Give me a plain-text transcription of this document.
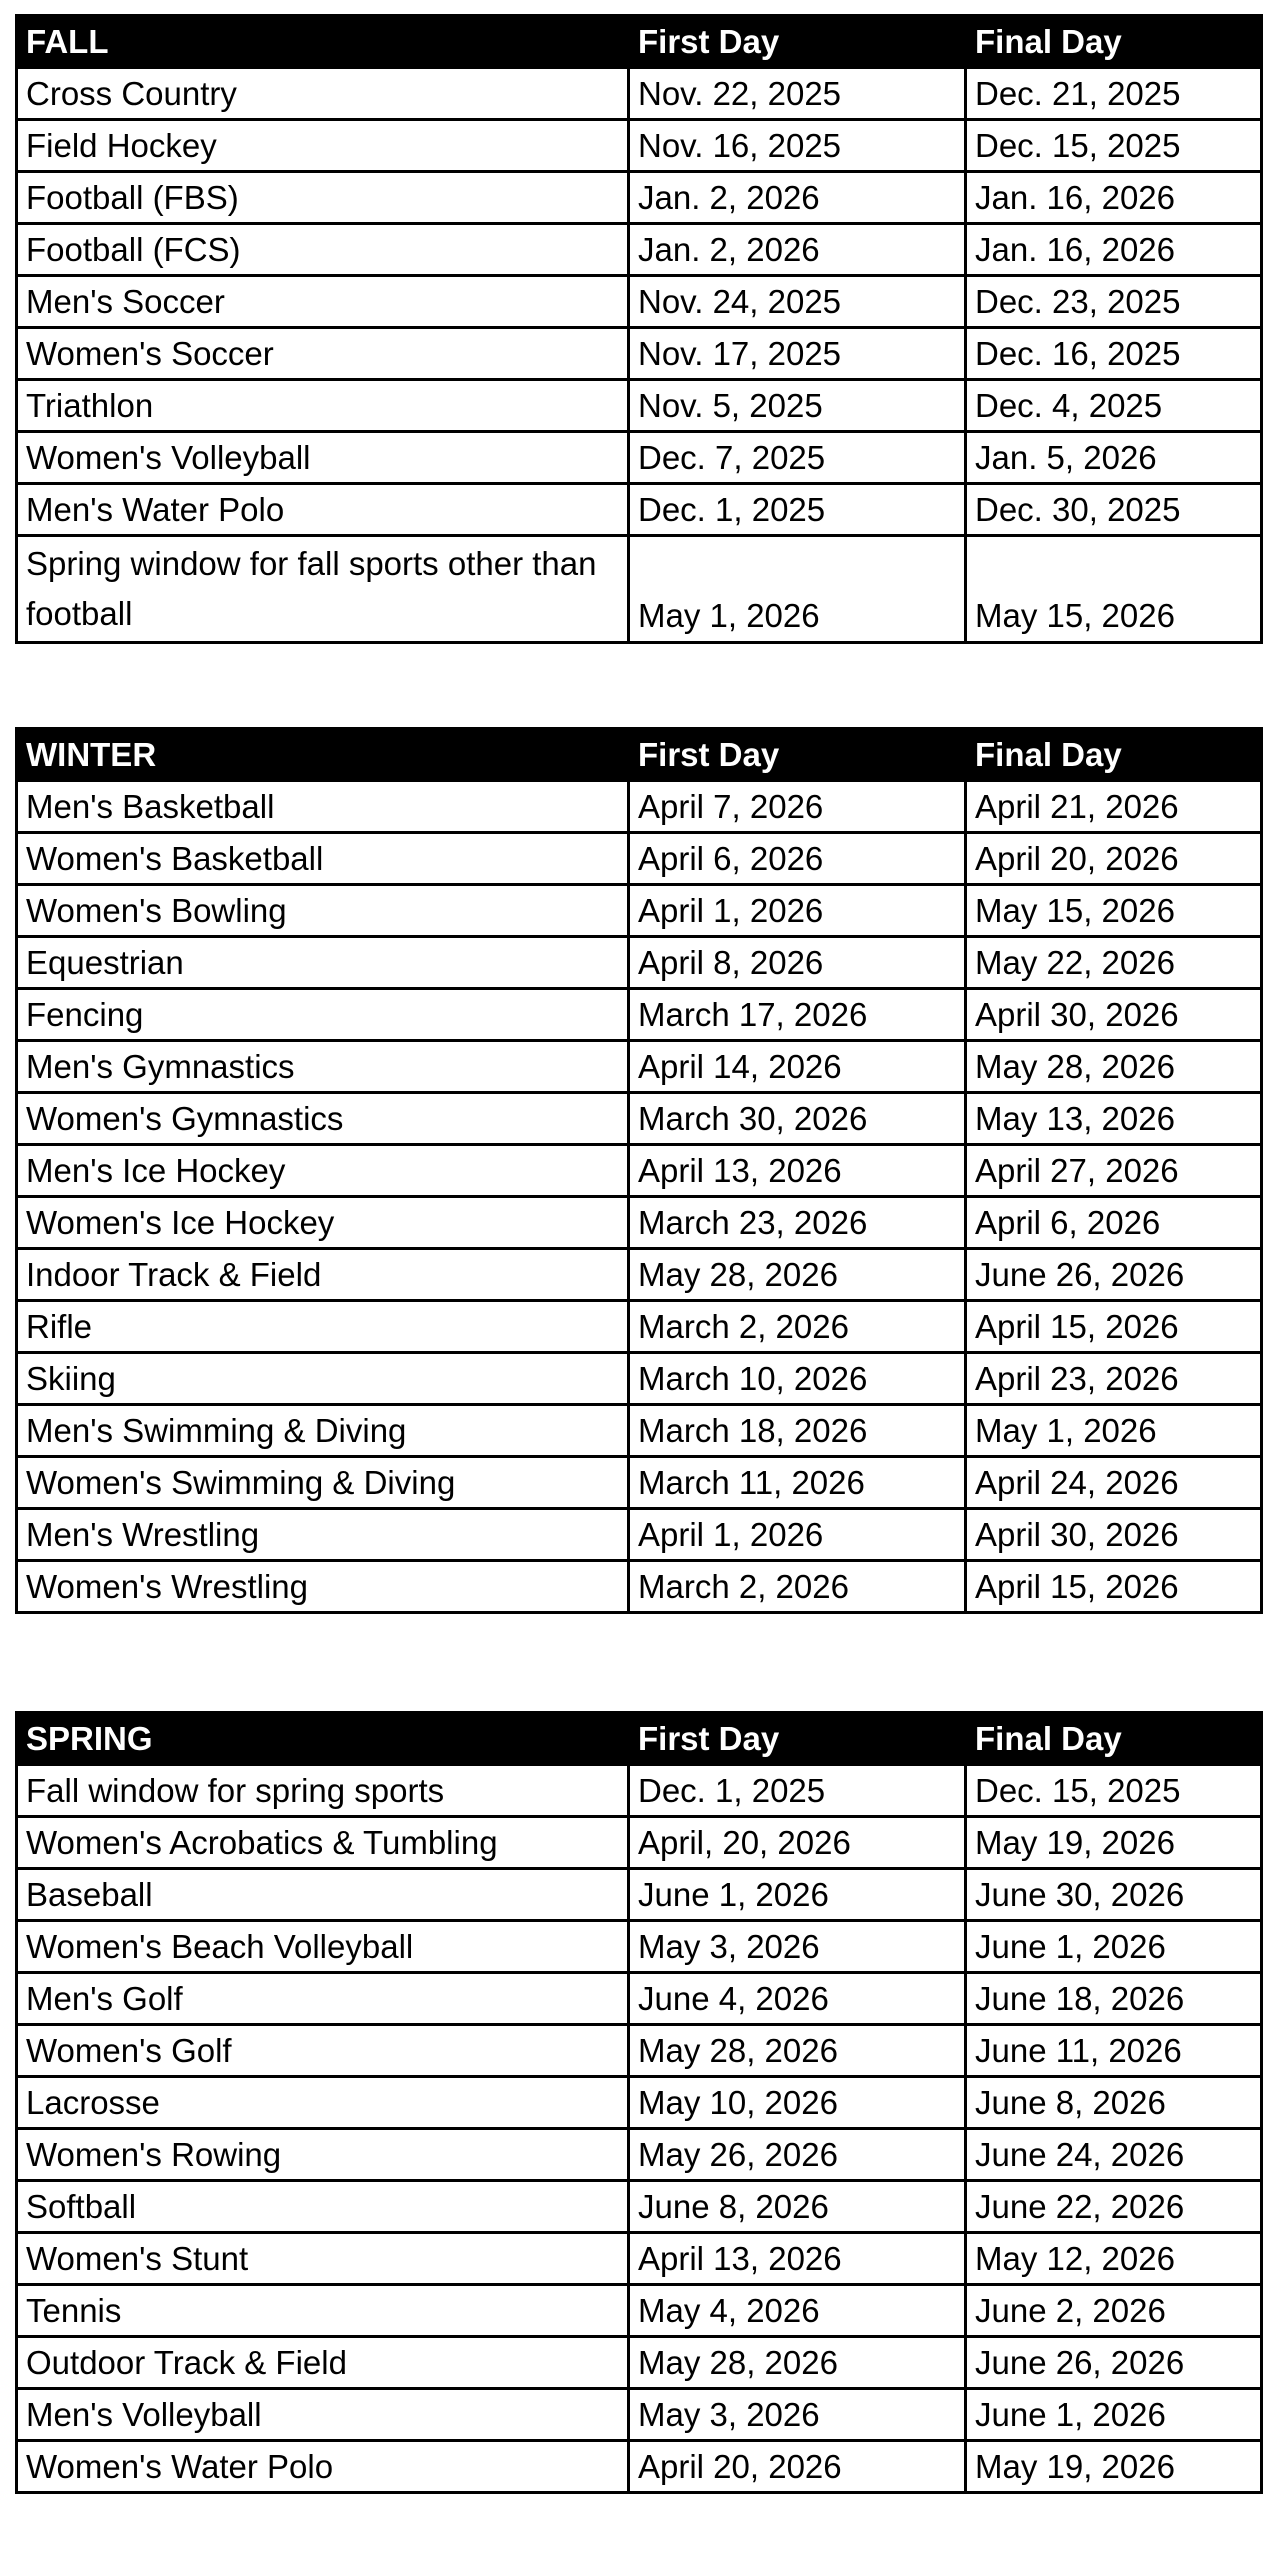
FALL	First Day	Final Day
Cross Country	Nov. 22, 2025	Dec. 21, 2025
Field Hockey	Nov. 16, 2025	Dec. 15, 2025
Football (FBS)	Jan. 2, 2026	Jan. 16, 2026
Football (FCS)	Jan. 2, 2026	Jan. 16, 2026
Men's Soccer	Nov. 24, 2025	Dec. 23, 2025
Women's Soccer	Nov. 17, 2025	Dec. 16, 2025
Triathlon	Nov. 5, 2025	Dec. 4, 2025
Women's Volleyball	Dec. 7, 2025	Jan. 5, 2026
Men's Water Polo	Dec. 1, 2025	Dec. 30, 2025
Spring window for fall sports other than football	May 1, 2026	May 15, 2026
WINTER	First Day	Final Day
Men's Basketball	April 7, 2026	April 21, 2026
Women's Basketball	April 6, 2026	April 20, 2026
Women's Bowling	April 1, 2026	May 15, 2026
Equestrian	April 8, 2026	May 22, 2026
Fencing	March 17, 2026	April 30, 2026
Men's Gymnastics	April 14, 2026	May 28, 2026
Women's Gymnastics	March 30, 2026	May 13, 2026
Men's Ice Hockey	April 13, 2026	April 27, 2026
Women's Ice Hockey	March 23, 2026	April 6, 2026
Indoor Track & Field	May 28, 2026	June 26, 2026
Rifle	March 2, 2026	April 15, 2026
Skiing	March 10, 2026	April 23, 2026
Men's Swimming & Diving	March 18, 2026	May 1, 2026
Women's Swimming & Diving	March 11, 2026	April 24, 2026
Men's Wrestling	April 1, 2026	April 30, 2026
Women's Wrestling	March 2, 2026	April 15, 2026
SPRING	First Day	Final Day
Fall window for spring sports	Dec. 1, 2025	Dec. 15, 2025
Women's Acrobatics & Tumbling	April, 20, 2026	May 19, 2026
Baseball	June 1, 2026	June 30, 2026
Women's Beach Volleyball	May 3, 2026	June 1, 2026
Men's Golf	June 4, 2026	June 18, 2026
Women's Golf	May 28, 2026	June 11, 2026
Lacrosse	May 10, 2026	June 8, 2026
Women's Rowing	May 26, 2026	June 24, 2026
Softball	June 8, 2026	June 22, 2026
Women's Stunt	April 13, 2026	May 12, 2026
Tennis	May 4, 2026	June 2, 2026
Outdoor Track & Field	May 28, 2026	June 26, 2026
Men's Volleyball	May 3, 2026	June 1, 2026
Women's Water Polo	April 20, 2026	May 19, 2026
